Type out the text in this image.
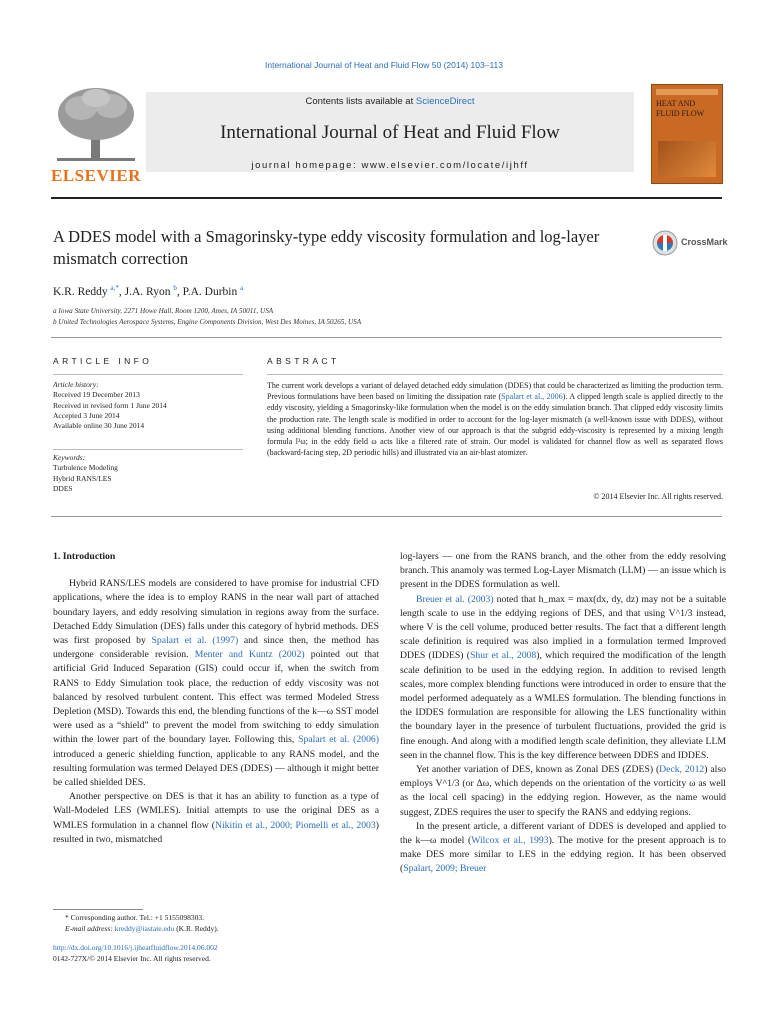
International Journal of Heat and Fluid Flow 50 (2014) 103–113
ELSEVIER
Contents lists available at ScienceDirect
International Journal of Heat and Fluid Flow
journal homepage: www.elsevier.com/locate/ijhff
HEAT AND FLUID FLOW
A DDES model with a Smagorinsky-type eddy viscosity formulation and log-layer mismatch correction
CrossMark
K.R. Reddy $^{a,*}$, J.A. Ryon $^b$, P.A. Durbin $^a$
a Iowa State University, 2271 Howe Hall, Room 1200, Ames, IA 50011, USA
b United Technologies Aerospace Systems, Engine Components Division, West Des Moines, IA 50265, USA
ARTICLE INFO	ABSTRACT
Article history:
Received 19 December 2013
Received in revised form 1 June 2014
Accepted 3 June 2014
Available online 30 June 2014
Keywords:
Turbulence Modeling
Hybrid RANS/LES
DDES
The current work develops a variant of delayed detached eddy simulation (DDES) that could be characterized as limiting the production term. Previous formulations have been based on limiting the dissipation rate (Spalart et al., 2006). A clipped length scale is applied directly to the eddy viscosity, yielding a Smagorinsky-like formulation when the model is on the eddy simulation branch. That clipped eddy viscosity limits the production rate. The length scale is modified in order to account for the log-layer mismatch (a well-known issue with DDES), without using additional blending functions. Another view of our approach is that the subgrid eddy-viscosity is represented by a mixing length formula l²ω; in the eddy field ω acts like a filtered rate of strain. Our model is validated for channel flow as well as separated flows (backward-facing step, 2D periodic hills) and illustrated via an air-blast atomizer.
© 2014 Elsevier Inc. All rights reserved.
1. Introduction

Hybrid RANS/LES models are considered to have promise for industrial CFD applications, where the idea is to employ RANS in the near wall part of attached boundary layers, and eddy resolving simulation in regions away from the surface. Detached Eddy Simulation (DES) falls under this category of hybrid methods. DES was first proposed by Spalart et al. (1997) and since then, the method has undergone considerable revision. Menter and Kuntz (2002) pointed out that artificial Grid Induced Separation (GIS) could occur if, when the switch from RANS to Eddy Simulation took place, the reduction of eddy viscosity was not balanced by resolved turbulent content. This effect was termed Modeled Stress Depletion (MSD). Towards this end, the blending functions of the k—ω SST model were used as a “shield” to prevent the model from switching to eddy simulation within the lower part of the boundary layer. Following this, Spalart et al. (2006) introduced a generic shielding function, applicable to any RANS model, and the resulting formulation was termed Delayed DES (DDES) — although it might better be called shielded DES.

Another perspective on DES is that it has an ability to function as a type of Wall-Modeled LES (WMLES). Initial attempts to use the original DES as a WMLES formulation in a channel flow (Nikitin et al., 2000; Piomelli et al., 2003) resulted in two, mismatched

log-layers — one from the RANS branch, and the other from the eddy resolving branch. This anamoly was termed Log-Layer Mismatch (LLM) — an issue which is present in the DDES formulation as well.

Breuer et al. (2003) noted that h_max = max(dx, dy, dz) may not be a suitable length scale to use in the eddying regions of DES, and that using V^1/3 instead, where V is the cell volume, produced better results. The fact that a different length scale definition is required was also implied in a formulation termed Improved DDES (IDDES) (Shur et al., 2008), which required the modification of the length scale definition to be used in the eddying region. In addition to revised length scales, more complex blending functions were introduced in order to ensure that the model performed adequately as a WMLES formulation. The blending functions in the IDDES formulation are responsible for allowing the LES functionality within the boundary layer in the presence of turbulent fluctuations, provided the grid is fine enough. And along with a modified length scale definition, they alleviate LLM seen in the channel flow. This is the key difference between DDES and IDDES.

Yet another variation of DES, known as Zonal DES (ZDES) (Deck, 2012) also employs V^1/3 (or Δω, which depends on the orientation of the vorticity ω as well as the local cell spacing) in the eddying region. However, as the name would suggest, ZDES requires the user to specify the RANS and eddying regions.

In the present article, a different variant of DDES is developed and applied to the k—ω model (Wilcox et al., 1993). The motive for the present approach is to make DES more similar to LES in the eddying region. It has been observed (Spalart, 2009; Breuer

* Corresponding author. Tel.: +1 5155098303.
E-mail address: kreddy@iastate.edu (K.R. Reddy).
http://dx.doi.org/10.1016/j.ijheatfluidflow.2014.06.002
0142-727X/© 2014 Elsevier Inc. All rights reserved.
